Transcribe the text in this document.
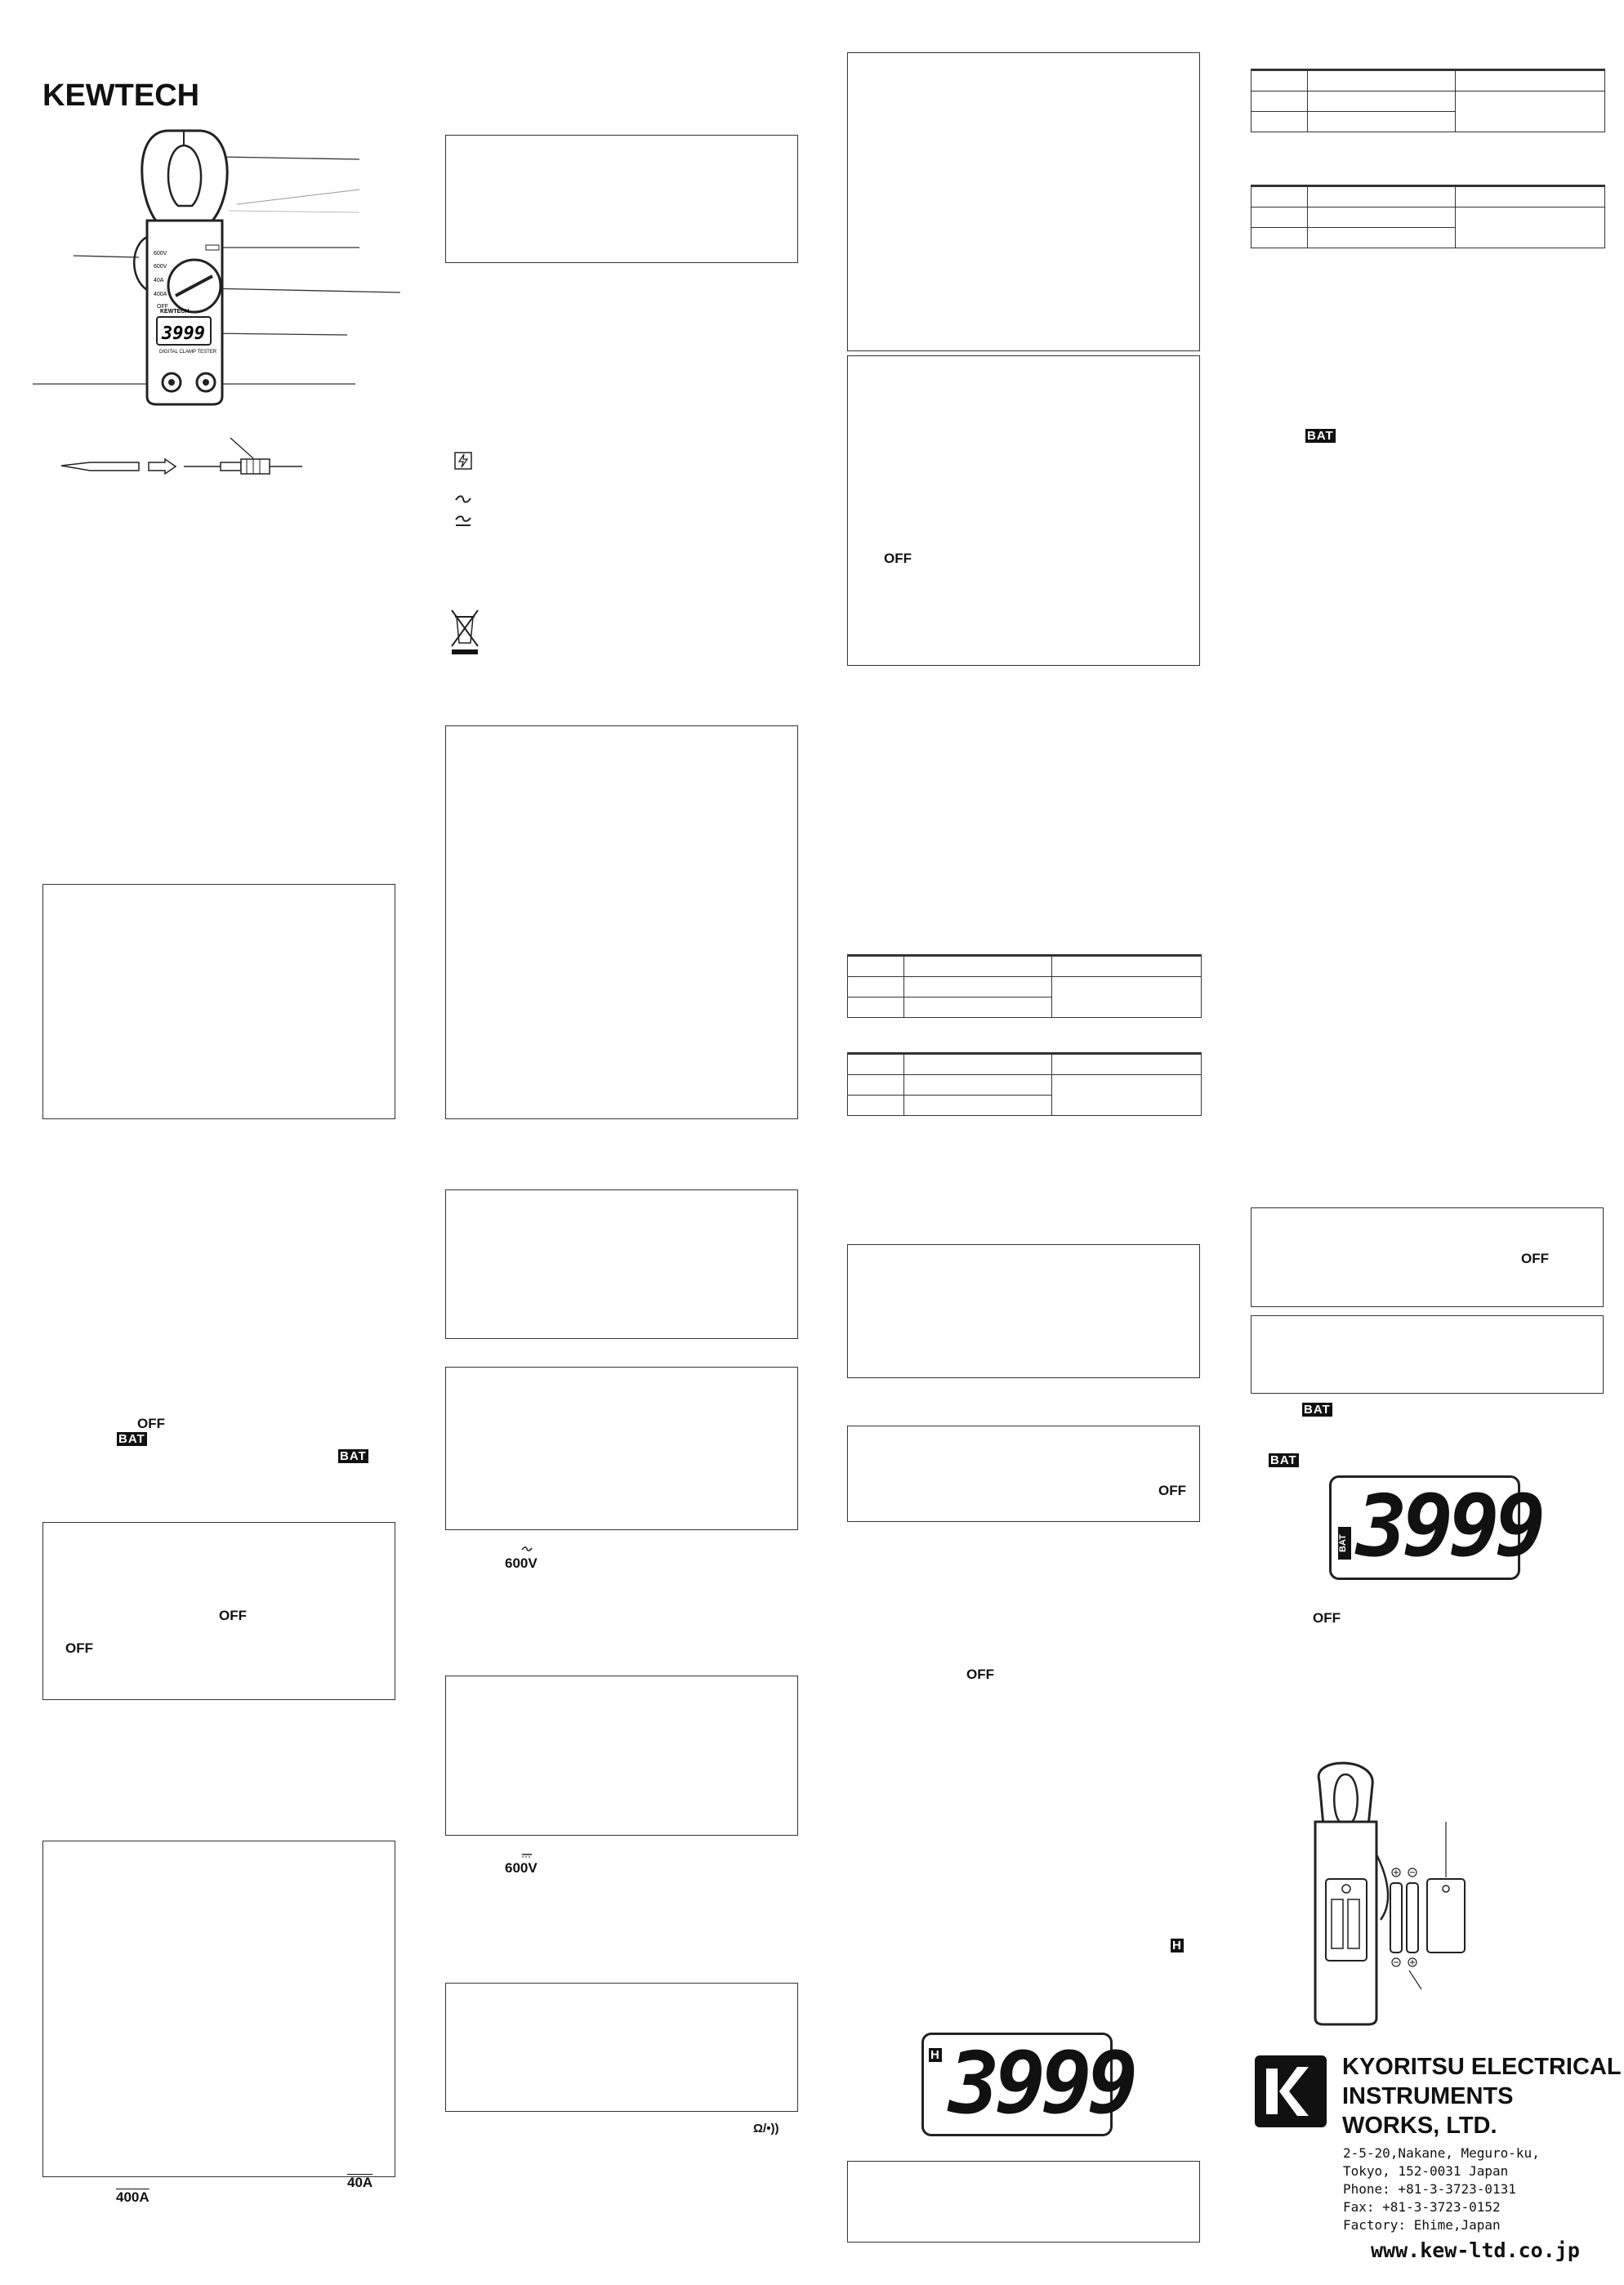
KEWTECH
600V
600V
40A
400A
OFF
3999
DIGITAL CLAMP TESTER
KEWTECH
OFF
BAT
BAT
OFF
OFF
40A
400A
600V
600V
Ω/•))
OFF

OFF
OFF
H
H 3999

BAT
OFF
BAT
BAT
BAT 3999
OFF
KYORITSU ELECTRICAL
INSTRUMENTS
WORKS, LTD.
2-5-20,Nakane, Meguro-ku,
Tokyo, 152-0031 Japan
Phone: +81-3-3723-0131
Fax: +81-3-3723-0152
Factory: Ehime,Japan
www.kew-ltd.co.jp
